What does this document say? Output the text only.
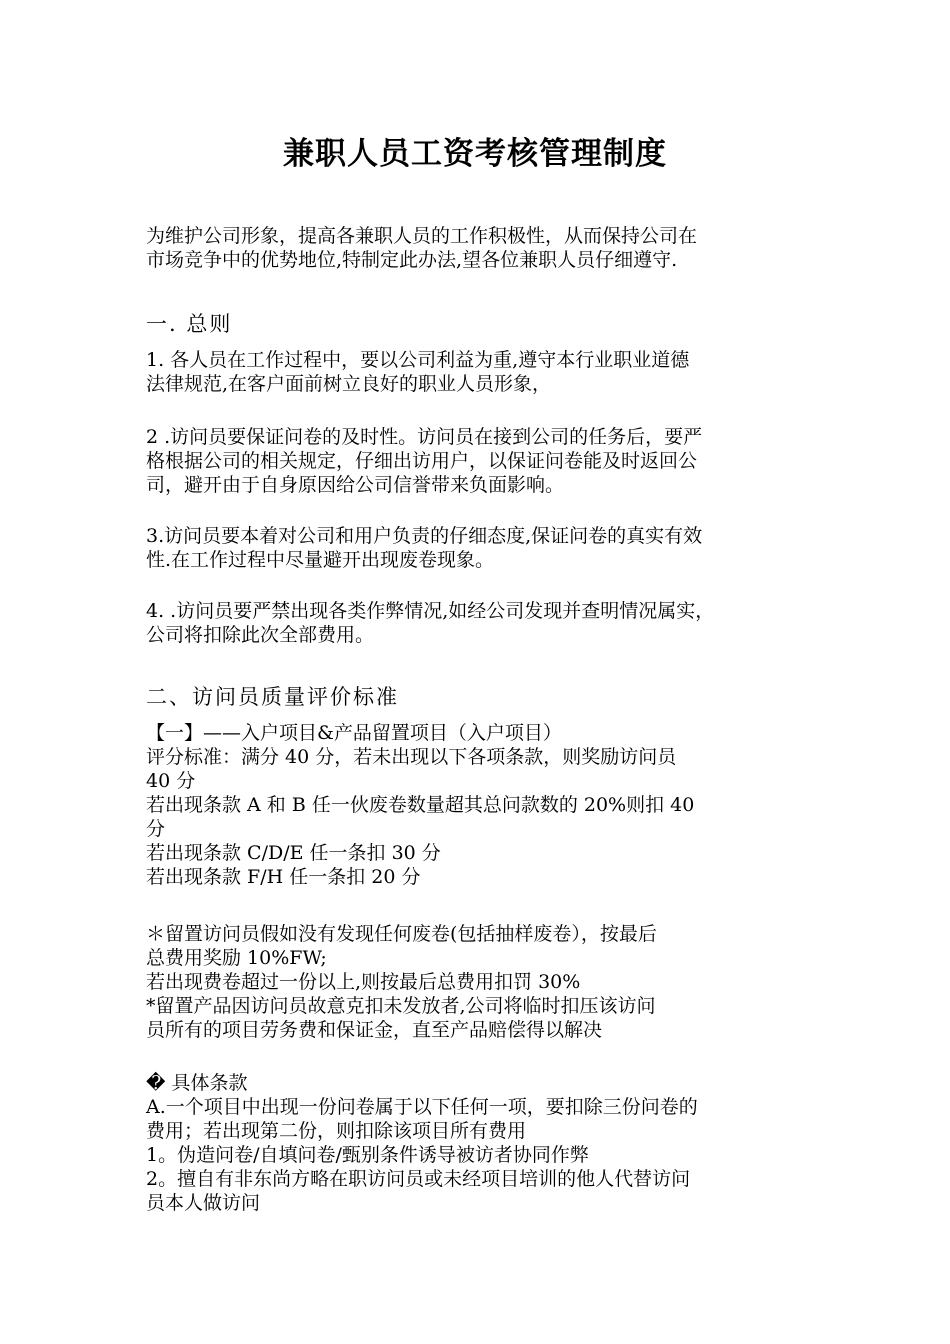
兼职人员工资考核管理制度
为维护公司形象，提高各兼职人员的工作积极性，从而保持公司在
市场竞争中的优势地位,特制定此办法,望各位兼职人员仔细遵守.
一. 总则
1. 各人员在工作过程中，要以公司利益为重,遵守本行业职业道德
法律规范,在客户面前树立良好的职业人员形象，
2 .访问员要保证问卷的及时性。访问员在接到公司的任务后，要严
格根据公司的相关规定，仔细出访用户，以保证问卷能及时返回公
司，避开由于自身原因给公司信誉带来负面影响。
3.访问员要本着对公司和用户负责的仔细态度,保证问卷的真实有效
性.在工作过程中尽量避开出现废卷现象。
4. .访问员要严禁出现各类作弊情况,如经公司发现并查明情况属实，
公司将扣除此次全部费用。
二、访问员质量评价标准
【一】——入户项目&产品留置项目（入户项目）
评分标准：满分 40 分，若未出现以下各项条款，则奖励访问员
40 分
若出现条款 A 和 B 任一伙废卷数量超其总问款数的 20%则扣 40
分
若出现条款 C/D/E 任一条扣 30 分
若出现条款 F/H 任一条扣 20 分
＊留置访问员假如没有发现任何废卷(包括抽样废卷），按最后
总费用奖励 10%FW;
若出现费卷超过一份以上,则按最后总费用扣罚 30%
*留置产品因访问员故意克扣未发放者,公司将临时扣压该访问
员所有的项目劳务费和保证金，直至产品赔偿得以解决
� 具体条款
A.一个项目中出现一份问卷属于以下任何一项，要扣除三份问卷的
费用；若出现第二份，则扣除该项目所有费用
1。伪造问卷/自填问卷/甄别条件诱导被访者协同作弊
2。擅自有非东尚方略在职访问员或未经项目培训的他人代替访问
员本人做访问
